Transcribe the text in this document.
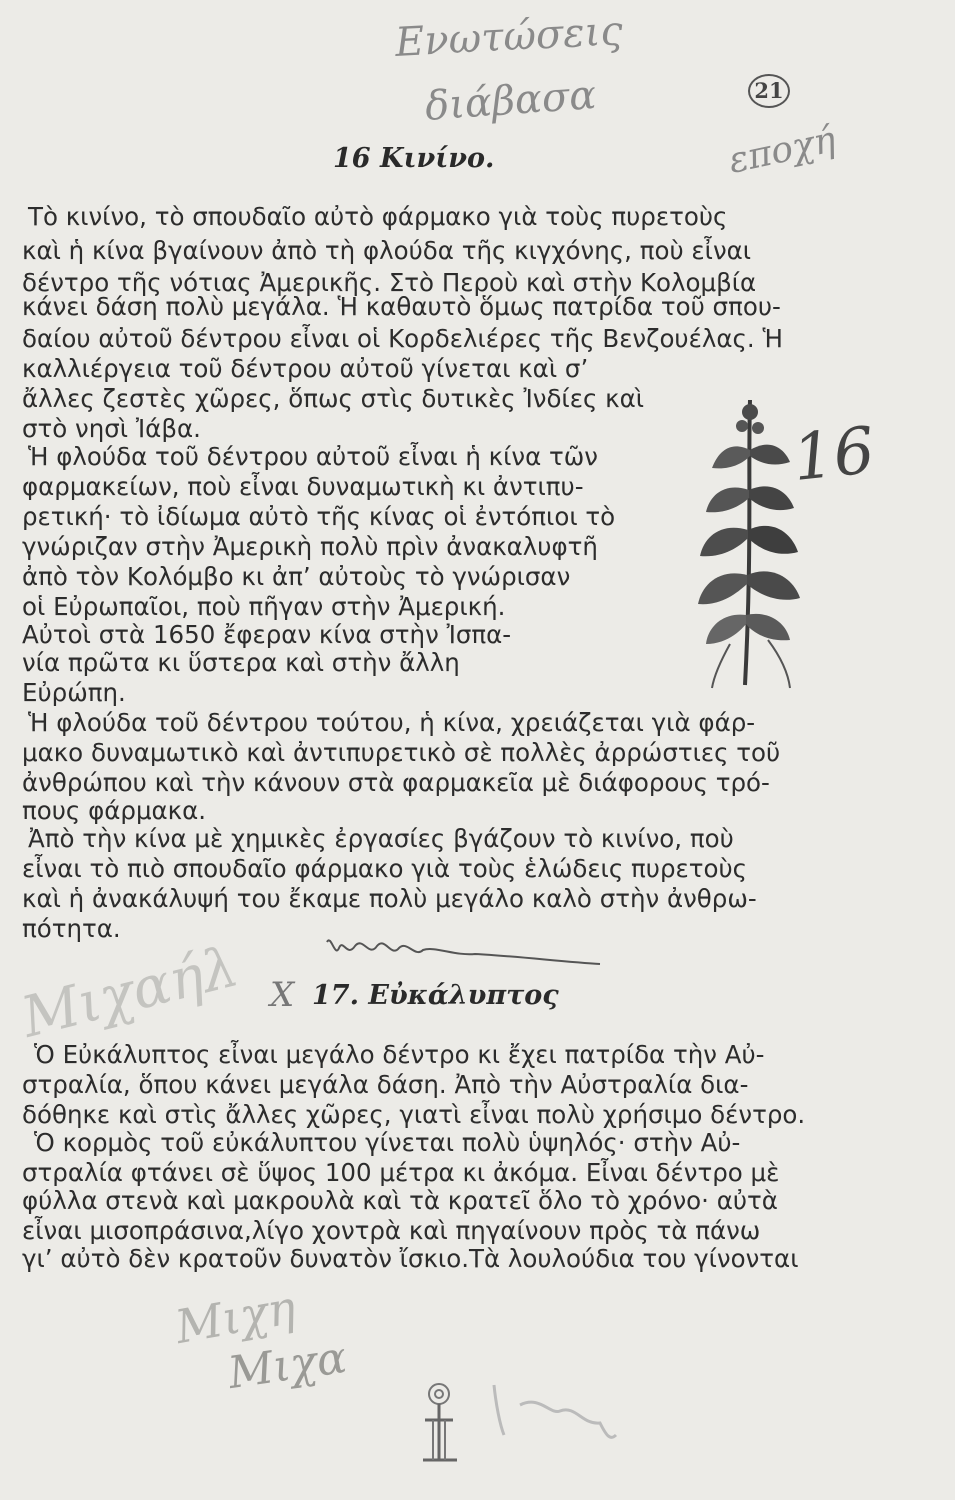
Ενωτώσεις
διάβασα
εποχή
16
Μιχαήλ
Μιχη
Μιχα
21
16 Κινίνο.

Τὸ κινίνο, τὸ σπουδαῖο αὐτὸ φάρμακο γιὰ τοὺς πυρετοὺς

καὶ ἡ κίνα βγαίνουν ἀπὸ τὴ φλούδα τῆς κιγχόνης, ποὺ εἶναι

δέντρο τῆς νότιας Ἀμερικῆς. Στὸ Περοὺ καὶ στὴν Κολομβία

κάνει δάση πολὺ μεγάλα. Ἡ καθαυτὸ ὅμως πατρίδα τοῦ σπου-

δαίου αὐτοῦ δέντρου εἶναι οἱ Κορδελιέρες τῆς Βενζουέλας. Ἡ

καλλιέργεια τοῦ δέντρου αὐτοῦ γίνεται καὶ σ’

ἄλλες ζεστὲς χῶρες, ὅπως στὶς δυτικὲς Ἰνδίες καὶ

στὸ νησὶ Ἰάβα.

Ἡ φλούδα τοῦ δέντρου αὐτοῦ εἶναι ἡ κίνα τῶν

φαρμακείων, ποὺ εἶναι δυναμωτικὴ κι ἀντιπυ-

ρετική· τὸ ἰδίωμα αὐτὸ τῆς κίνας οἱ ἐντόπιοι τὸ

γνώριζαν στὴν Ἀμερικὴ πολὺ πρὶν ἀνακαλυφτῆ

ἀπὸ τὸν Κολόμβο κι ἀπ’ αὐτοὺς τὸ γνώρισαν

οἱ Εὐρωπαῖοι, ποὺ πῆγαν στὴν Ἀμερική.

Αὐτοὶ στὰ 1650 ἔφεραν κίνα στὴν Ἰσπα-

νία πρῶτα κι ὕστερα καὶ στὴν ἄλλη

Εὐρώπη.

Ἡ φλούδα τοῦ δέντρου τούτου, ἡ κίνα, χρειάζεται γιὰ φάρ-

μακο δυναμωτικὸ καὶ ἀντιπυρετικὸ σὲ πολλὲς ἀρρώστιες τοῦ

ἀνθρώπου καὶ τὴν κάνουν στὰ φαρμακεῖα μὲ διάφορους τρό-

πους φάρμακα.

Ἀπὸ τὴν κίνα μὲ χημικὲς ἐργασίες βγάζουν τὸ κινίνο, ποὺ

εἶναι τὸ πιὸ σπουδαῖο φάρμακο γιὰ τοὺς ἑλώδεις πυρετοὺς

καὶ ἡ ἀνακάλυψή του ἔκαμε πολὺ μεγάλο καλὸ στὴν ἀνθρω-

πότητα.

X 17. Εὐκάλυπτος

Ὁ Εὐκάλυπτος εἶναι μεγάλο δέντρο κι ἔχει πατρίδα τὴν Αὐ-

στραλία, ὅπου κάνει μεγάλα δάση. Ἀπὸ τὴν Αὐστραλία δια-

δόθηκε καὶ στὶς ἄλλες χῶρες, γιατὶ εἶναι πολὺ χρήσιμο δέντρο.

Ὁ κορμὸς τοῦ εὐκάλυπτου γίνεται πολὺ ὑψηλός· στὴν Αὐ-

στραλία φτάνει σὲ ὕψος 100 μέτρα κι ἀκόμα. Εἶναι δέντρο μὲ

φύλλα στενὰ καὶ μακρουλὰ καὶ τὰ κρατεῖ ὅλο τὸ χρόνο· αὐτὰ

εἶναι μισοπράσινα,λίγο χοντρὰ καὶ πηγαίνουν πρὸς τὰ πάνω

γι’ αὐτὸ δὲν κρατοῦν δυνατὸν ἴσκιο.Τὰ λουλούδια του γίνονται
